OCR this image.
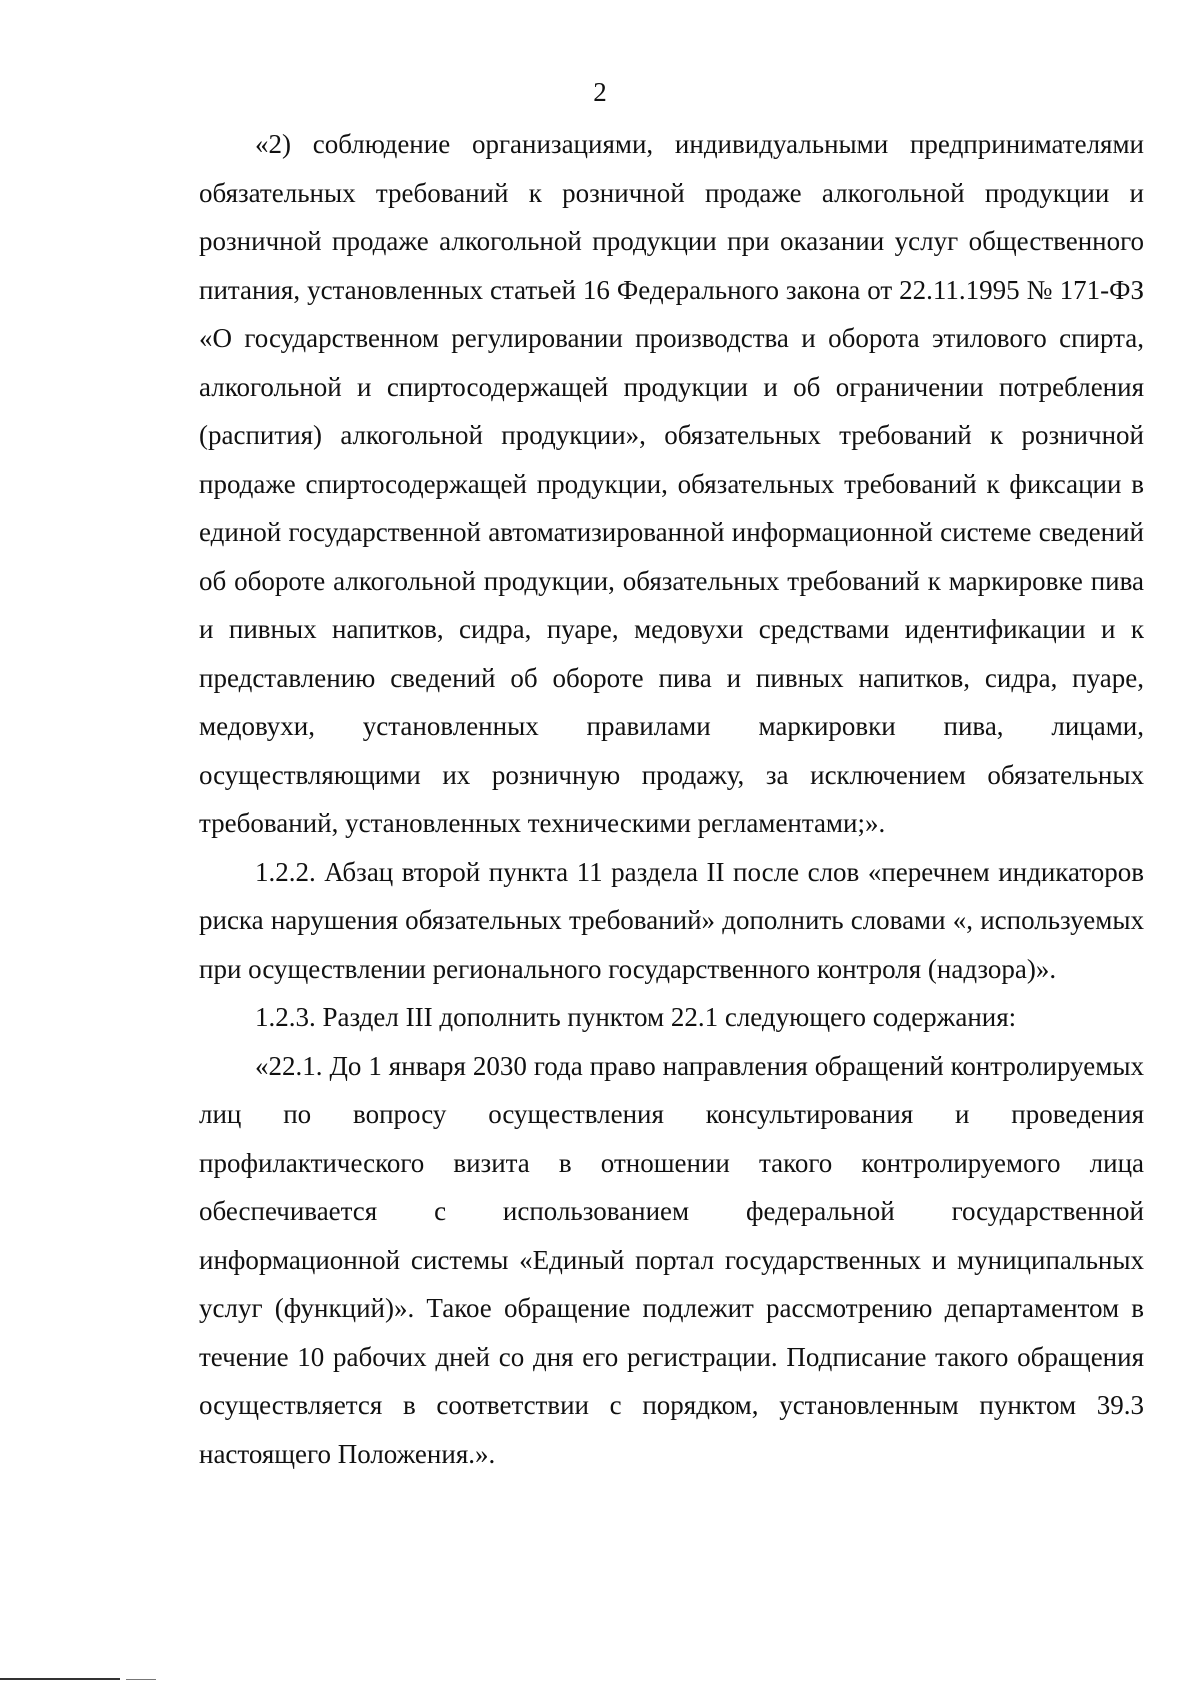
2

«2) соблюдение организациями, индивидуальными предпринимателями обязательных требований к розничной продаже алкогольной продукции и розничной продаже алкогольной продукции при оказании услуг общественного питания, установленных статьей 16 Федерального закона от 22.11.1995 № 171-ФЗ «О государственном регулировании производства и оборота этилового спирта, алкогольной и спиртосодержащей продукции и об ограничении потребления (распития) алкогольной продукции», обязательных требований к розничной продаже спиртосодержащей продукции, обязательных требований к фиксации в единой государственной автоматизированной информационной системе сведений об обороте алкогольной продукции, обязательных требований к маркировке пива и пивных напитков, сидра, пуаре, медовухи средствами идентификации и к представлению сведений об обороте пива и пивных напитков, сидра, пуаре, медовухи, установленных правилами маркировки пива, лицами, осуществляющими их розничную продажу, за исключением обязательных требований, установленных техническими регламентами;».

1.2.2. Абзац второй пункта 11 раздела II после слов «перечнем индикаторов риска нарушения обязательных требований» дополнить словами «, используемых при осуществлении регионального государственного контроля (надзора)».

1.2.3. Раздел III дополнить пунктом 22.1 следующего содержания:

«22.1. До 1 января 2030 года право направления обращений контролируемых лиц по вопросу осуществления консультирования и проведения профилактического визита в отношении такого контролируемого лица обеспечивается с использованием федеральной государственной информационной системы «Единый портал государственных и муниципальных услуг (функций)». Такое обращение подлежит рассмотрению департаментом в течение 10 рабочих дней со дня его регистрации. Подписание такого обращения осуществляется в соответствии с порядком, установленным пунктом 39.3 настоящего Положения.».
